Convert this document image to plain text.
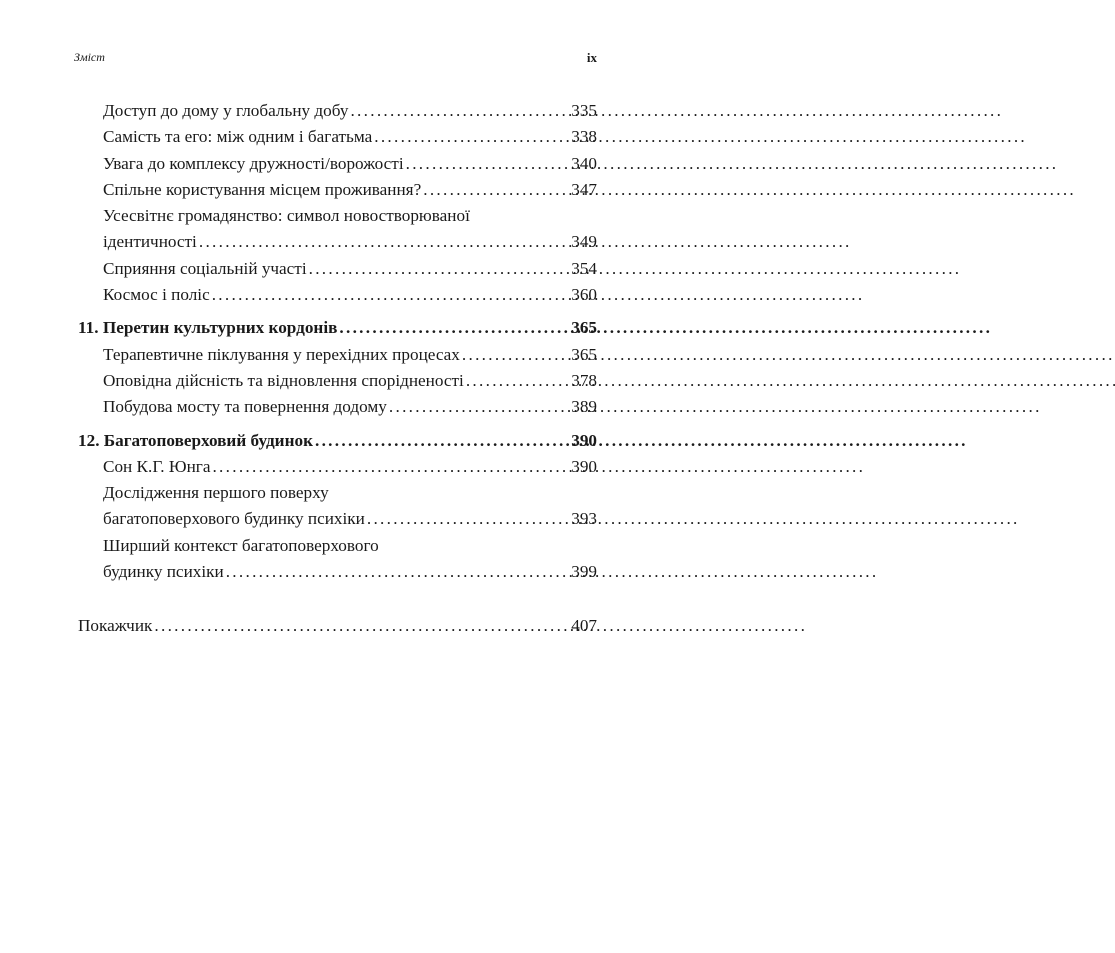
Зміст	ix
Доступ до дому у глобальну добу . . .	335
Самість та его: між одним і багатьма . . .	338
Увага до комплексу дружності/ворожості . . .	340
Спільне користування місцем проживання? . . .	347
Усесвітнє громадянство: символ новостворюваної
ідентичності . . .	349
Сприяння соціальній участі . . .	354
Космос і поліс . . .	360
11. Перетин культурних кордонів . . .	365
Терапевтичне піклування у перехідних процесах . . .	365
Оповідна дійсність та відновлення спорідненості . . .	378
Побудова мосту та повернення додому . . .	389
12. Багатоповерховий будинок . . .	390
Сон К.Г. Юнга . . .	390
Дослідження першого поверху
багатоповерхового будинку психіки . . .	393
Ширший контекст багатоповерхового
будинку психіки . . .	399
Покажчик . . .	407
